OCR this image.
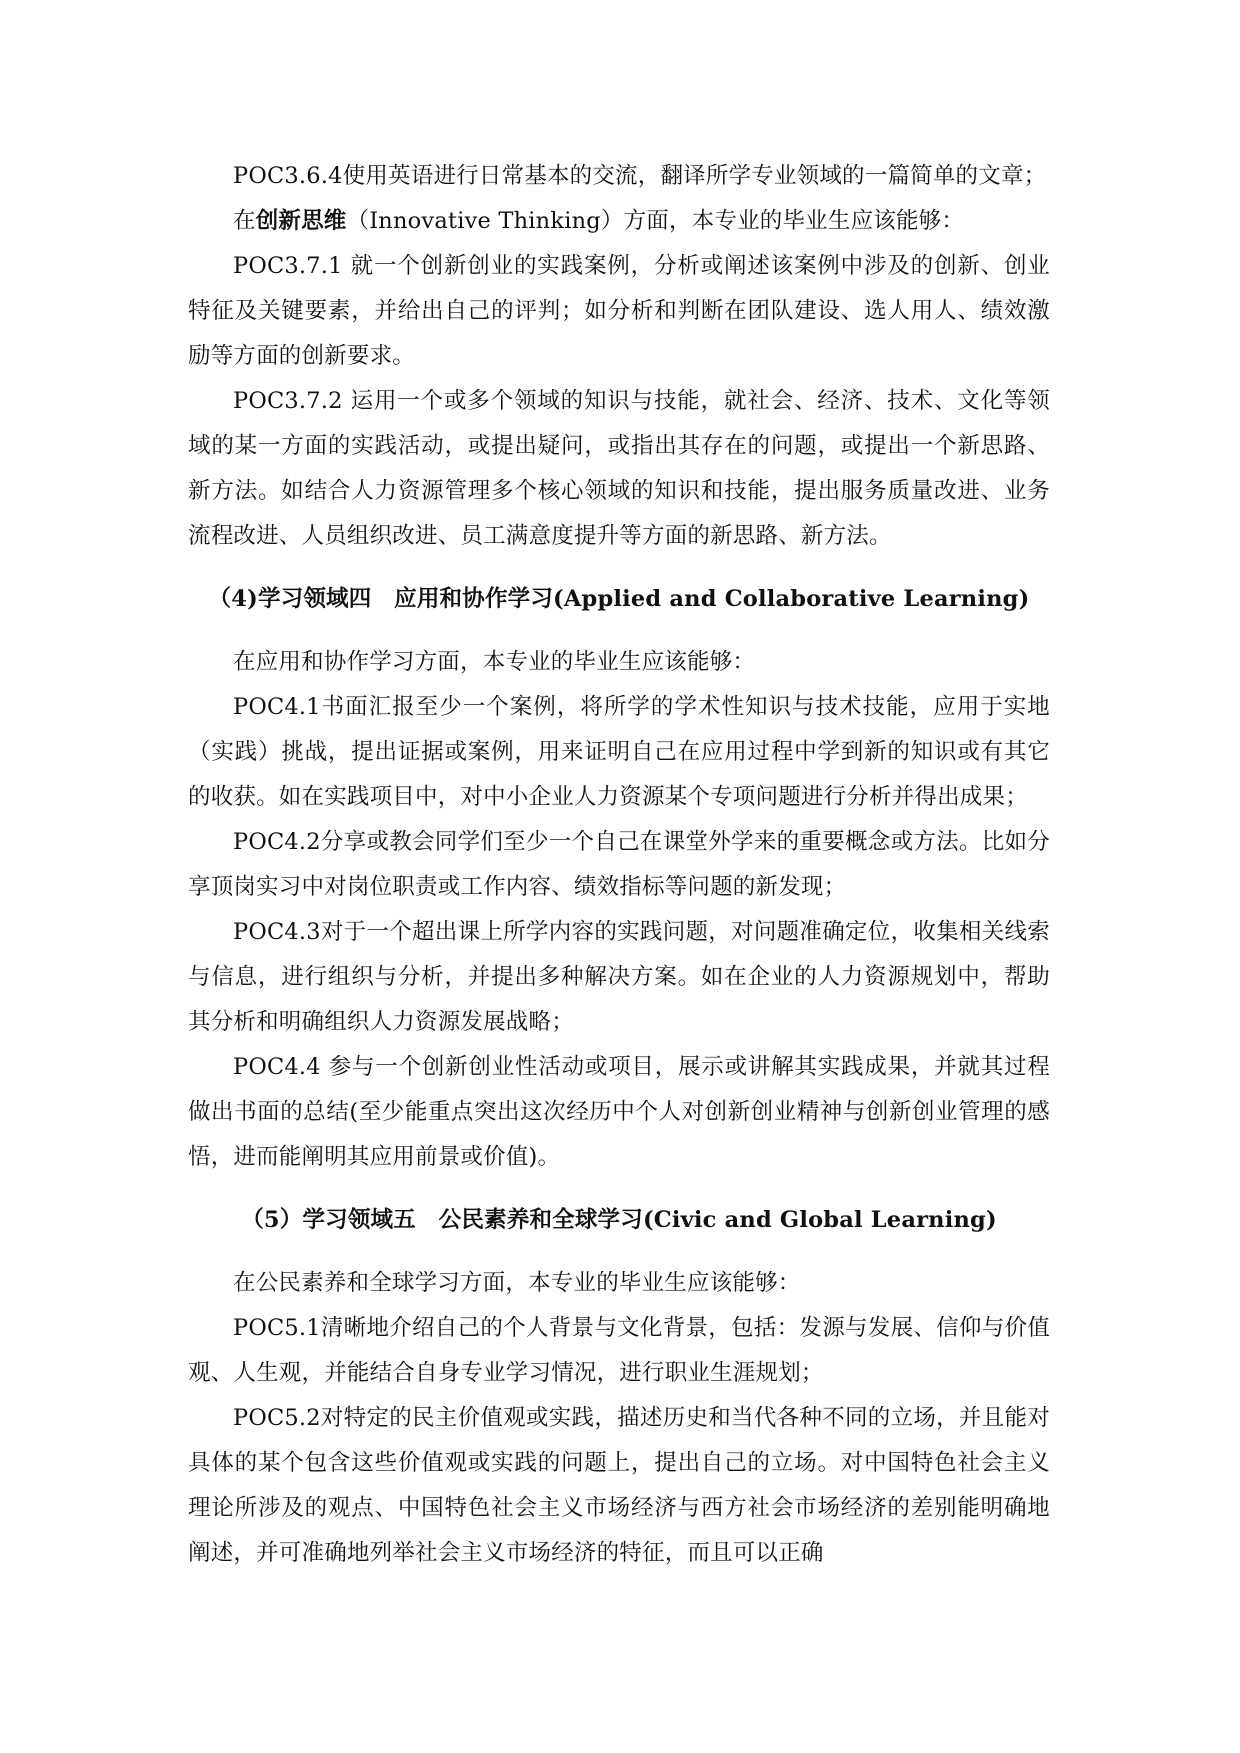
POC3.6.4使用英语进行日常基本的交流，翻译所学专业领域的一篇简单的文章；

在创新思维（Innovative Thinking）方面，本专业的毕业生应该能够：

POC3.7.1 就一个创新创业的实践案例，分析或阐述该案例中涉及的创新、创业特征及关键要素，并给出自己的评判；如分析和判断在团队建设、选人用人、绩效激励等方面的创新要求。

POC3.7.2 运用一个或多个领域的知识与技能，就社会、经济、技术、文化等领域的某一方面的实践活动，或提出疑问，或指出其存在的问题，或提出一个新思路、新方法。如结合人力资源管理多个核心领域的知识和技能，提出服务质量改进、业务流程改进、人员组织改进、员工满意度提升等方面的新思路、新方法。

（4)学习领域四　应用和协作学习(Applied and Collaborative Learning)

在应用和协作学习方面，本专业的毕业生应该能够：

POC4.1书面汇报至少一个案例，将所学的学术性知识与技术技能，应用于实地（实践）挑战，提出证据或案例，用来证明自己在应用过程中学到新的知识或有其它的收获。如在实践项目中，对中小企业人力资源某个专项问题进行分析并得出成果；

POC4.2分享或教会同学们至少一个自己在课堂外学来的重要概念或方法。比如分享顶岗实习中对岗位职责或工作内容、绩效指标等问题的新发现；

POC4.3对于一个超出课上所学内容的实践问题，对问题准确定位，收集相关线索与信息，进行组织与分析，并提出多种解决方案。如在企业的人力资源规划中，帮助其分析和明确组织人力资源发展战略；

POC4.4 参与一个创新创业性活动或项目，展示或讲解其实践成果，并就其过程做出书面的总结(至少能重点突出这次经历中个人对创新创业精神与创新创业管理的感悟，进而能阐明其应用前景或价值)。

（5）学习领域五　公民素养和全球学习(Civic and Global Learning)

在公民素养和全球学习方面，本专业的毕业生应该能够：

POC5.1清晰地介绍自己的个人背景与文化背景，包括：发源与发展、信仰与价值观、人生观，并能结合自身专业学习情况，进行职业生涯规划；

POC5.2对特定的民主价值观或实践，描述历史和当代各种不同的立场，并且能对具体的某个包含这些价值观或实践的问题上，提出自己的立场。对中国特色社会主义理论所涉及的观点、中国特色社会主义市场经济与西方社会市场经济的差别能明确地阐述，并可准确地列举社会主义市场经济的特征，而且可以正确
